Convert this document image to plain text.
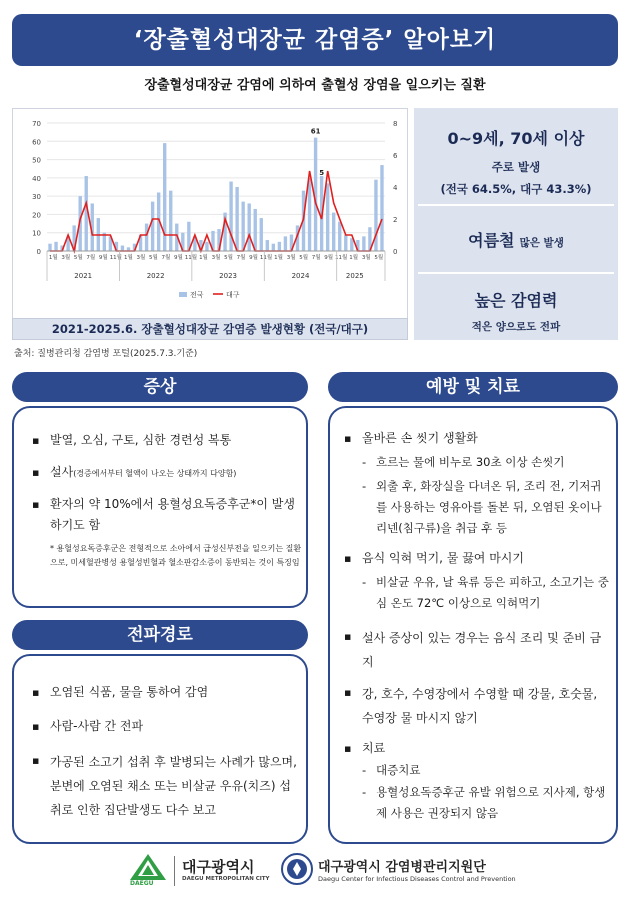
‘장출혈성대장균 감염증’ 알아보기
장출혈성대장균 감염에 의하여 출혈성 장염을 일으키는 질환
0
10
20
30
40
50
60
70
0
2
4
6
8
61
5
1월 3월 5월 7월 9월 11월 1월 3월 5월 7월 9월 11월 1월 3월 5월 7월 9월 11월 1월 3월 5월 7월 9월 11월 1월 3월 5월
2021	2022	2023	2024	2025
전국	대구
2021-2025.6. 장출혈성대장균 감염증 발생현황 (전국/대구)
출처: 질병관리청 감염병 포털(2025.7.3.기준)
0~9세, 70세 이상
주로 발생
(전국 64.5%, 대구 43.3%)
여름철 많은 발생
높은 감염력
적은 양으로도 전파
▪ 발열, 오심, 구토, 심한 경련성 복통
▪ 설사(경증에서부터 혈액이 나오는 상태까지 다양함)
▪ 환자의 약 10%에서 용혈성요독증후군*이 발생하기도 함
* 용혈성요독증후군은 전형적으로 소아에서 급성신부전을 일으키는 질환으로, 미세혈관병성 용혈성빈혈과 혈소판감소증이 동반되는 것이 특징임
증상
▪ 오염된 식품, 물을 통하여 감염
▪ 사람-사람 간 전파
▪ 가공된 소고기 섭취 후 발병되는 사례가 많으며, 분변에 오염된 채소 또는 비살균 우유(치즈) 섭취로 인한 집단발생도 다수 보고
전파경로
▪ 올바른 손 씻기 생활화
- 흐르는 물에 비누로 30초 이상 손씻기
- 외출 후, 화장실을 다녀온 뒤, 조리 전, 기저귀를 사용하는 영유아를 돌본 뒤, 오염된 옷이나 리넨(침구류)을 취급 후 등
▪ 음식 익혀 먹기, 물 끓여 마시기
- 비살균 우유, 날 육류 등은 피하고, 소고기는 중심 온도 72℃ 이상으로 익혀먹기
▪ 설사 증상이 있는 경우는 음식 조리 및 준비 금지
▪ 강, 호수, 수영장에서 수영할 때 강물, 호숫물, 수영장 물 마시지 않기
▪ 치료
- 대증치료
- 용혈성요독증후군 유발 위험으로 지사제, 항생제 사용은 권장되지 않음
예방 및 치료
DAEGU
대구광역시
DAEGU METROPOLITAN CITY
대구광역시 감염병관리지원단
Daegu Center for Infectious Diseases Control and Prevention
